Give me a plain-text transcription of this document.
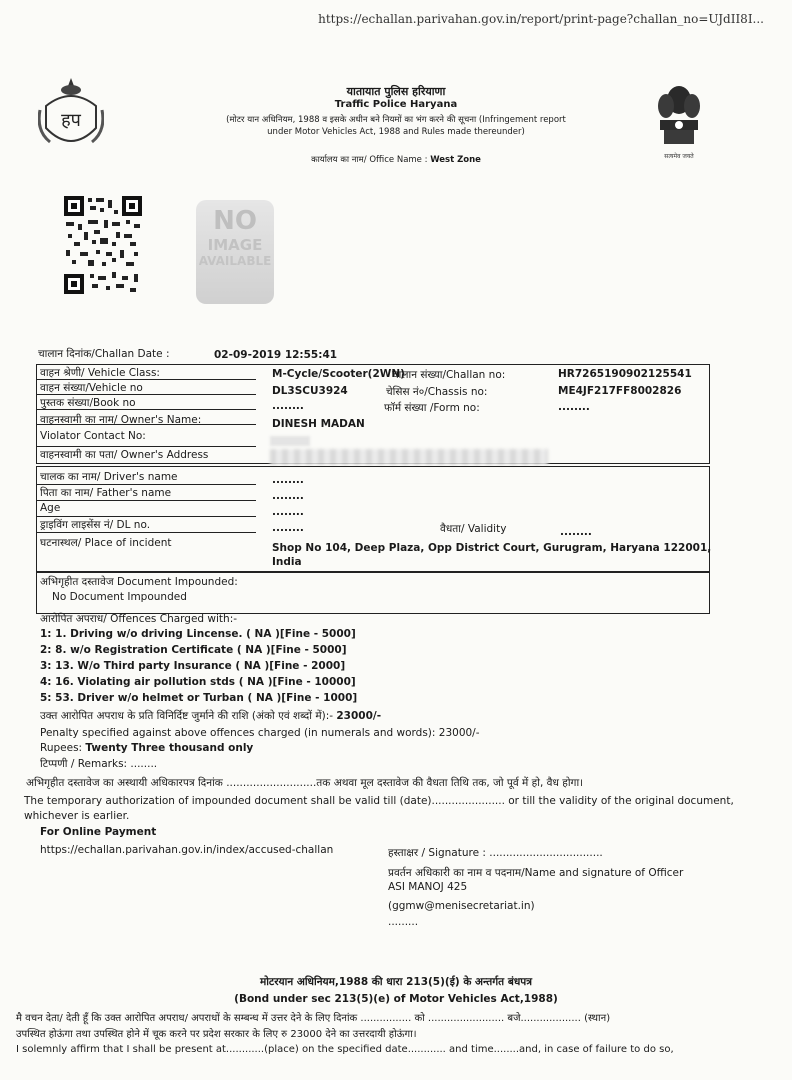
https://echallan.parivahan.gov.in/report/print-page?challan_no=UJdII8I...
हप
यातायात पुलिस हरियाणा
Traffic Police Haryana
(मोटर यान अधिनियम, 1988 व इसके अधीन बने नियमों का भंग करने की सूचना (Infringement report
under Motor Vehicles Act, 1988 and Rules made thereunder)
कार्यालय का नाम/ Office Name : West Zone	सत्यमेव जयते
NO
IMAGE
AVAILABLE
चालान दिनांक/Challan Date :	02-09-2019 12:55:41
वाहन श्रेणी/ Vehicle Class:	M-Cycle/Scooter(2WN)
चालान संख्या/Challan no:	HR7265190902125541
वाहन संख्या/Vehicle no	DL3SCU3924	चेसिस नं०/Chassis no:	ME4JF217FF8002826
पुस्तक संख्या/Book no	........	फॉर्म संख्या /Form no:	........
वाहनस्वामी का नाम/ Owner's Name:	DINESH MADAN
Violator Contact No:
वाहनस्वामी का पता/ Owner's Address
चालक का नाम/ Driver's name	........
पिता का नाम/ Father's name	........
Age	........
ड्राइविंग लाइसेंस नं/ DL no.	........	वैधता/ Validity	........
घटनास्थल/ Place of incident	Shop No 104, Deep Plaza, Opp District Court, Gurugram, Haryana 122001,
India
अभिगृहीत दस्तावेज Document Impounded:
No Document Impounded
आरोपित अपराध/ Offences Charged with:-
1: 1. Driving w/o driving Lincense. ( NA )[Fine - 5000]
2: 8. w/o Registration Certificate ( NA )[Fine - 5000]
3: 13. W/o Third party Insurance ( NA )[Fine - 2000]
4: 16. Violating air pollution stds ( NA )[Fine - 10000]
5: 53. Driver w/o helmet or Turban ( NA )[Fine - 1000]
उक्त आरोपित अपराध के प्रति विनिर्दिष्ट जुर्माने की राशि (अंको एवं शब्दों में):- 23000/-
Penalty specified against above offences charged (in numerals and words): 23000/-
Rupees: Twenty Three thousand only
टिप्पणी / Remarks: ........
अभिगृहीत दस्तावेज का अस्थायी अधिकारपत्र दिनांक ...........................तक अथवा मूल दस्तावेज की वैधता तिथि तक, जो पूर्व में हो, वैध होगा।
The temporary authorization of impounded document shall be valid till (date)...................... or till the validity of the original document,
whichever is earlier.
For Online Payment
https://echallan.parivahan.gov.in/index/accused-challan	हस्ताक्षर / Signature : ..................................
प्रवर्तन अधिकारी का नाम व पदनाम/Name and signature of Officer
ASI MANOJ 425
(ggmw@menisecretariat.in)
.........
मोटरयान अधिनियम,1988 की धारा 213(5)(ई) के अन्तर्गत बंधपत्र
(Bond under sec 213(5)(e) of Motor Vehicles Act,1988)
मै वचन देता/ देती हूँ कि उक्त आरोपित अपराध/ अपराधों के सम्बन्ध में उत्तर देने के लिए दिनांक ................ को ........................ बजे................... (स्थान)
उपस्थित होऊंगा तथा उपस्थित होने में चूक करने पर प्रदेश सरकार के लिए रु 23000 देने का उत्तरदायी होऊंगा।
I solemnly affirm that I shall be present at............(place) on the specified date............ and time........and, in case of failure to do so,
